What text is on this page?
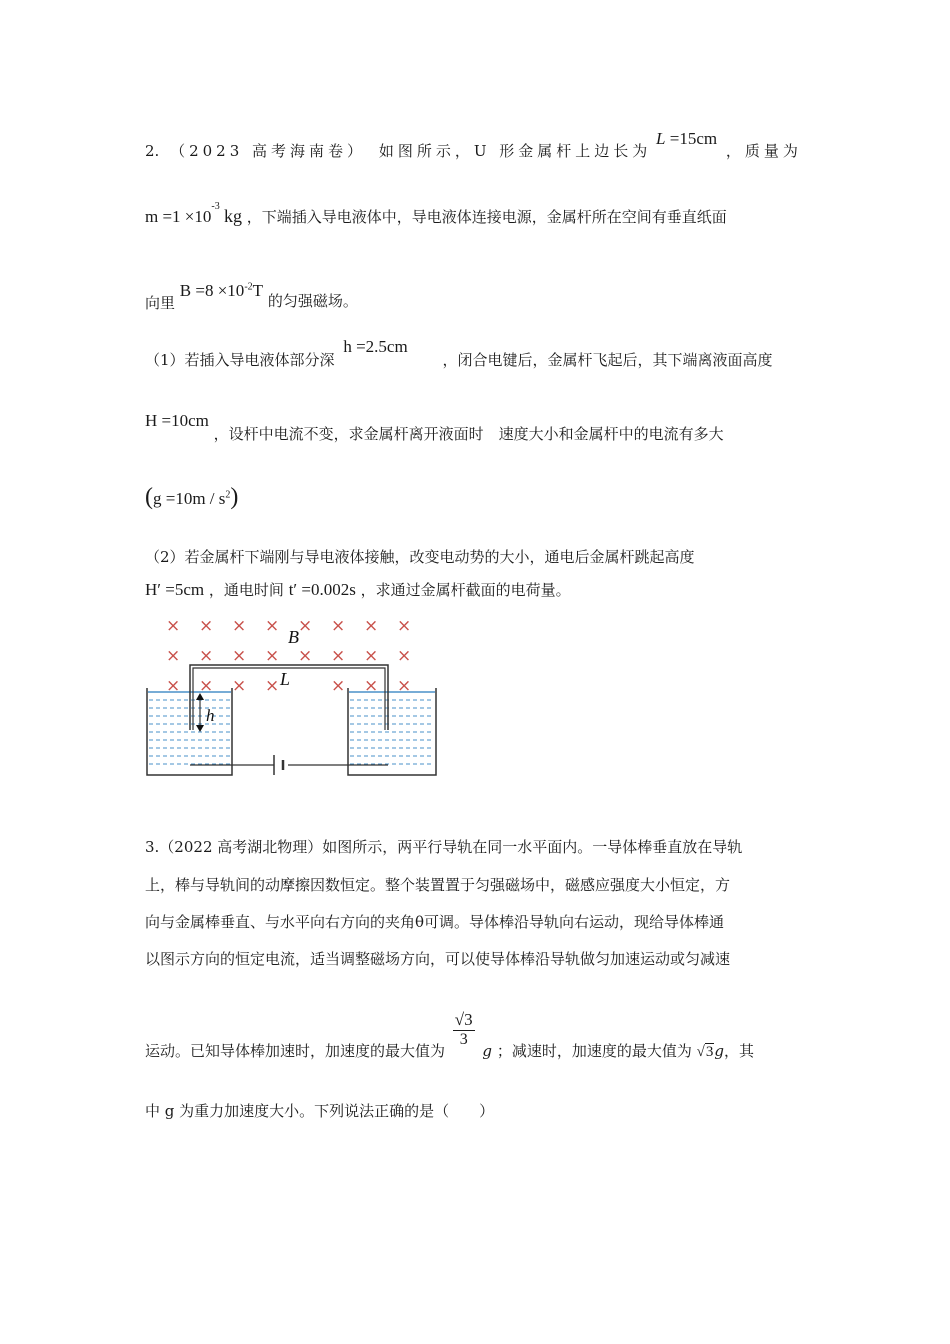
2. （2023 高考海南卷） 如图所示，U 形金属杆上边长为 L =15cm ，质量为
$m =1 \times 10^{-3}$ kg ，下端插入导电液体中，导电液体连接电源，金属杆所在空间有垂直纸面
向里 $B =8 \times 10^{-2}T$ 的匀强磁场。
（1）若插入导电液体部分深 h =2.5cm ，闭合电键后，金属杆飞起后，其下端离液面高度
H =10cm ，设杆中电流不变，求金属杆离开液面时　速度大小和金属杆中的电流有多大
$(g =10m / s^2)$
（2）若金属杆下端刚与导电液体接触，改变电动势的大小，通电后金属杆跳起高度
H′ =5cm ，通电时间 t′ =0.002s ，求通过金属杆截面的电荷量。
× × × × × × ×
× × × × × × × ×
× × × ×	× × ×
×
B
L
h
3.（2022 高考湖北物理）如图所示，两平行导轨在同一水平面内。一导体棒垂直放在导轨
上，棒与导轨间的动摩擦因数恒定。整个装置置于匀强磁场中，磁感应强度大小恒定，方
向与金属棒垂直、与水平向右方向的夹角θ可调。导体棒沿导轨向右运动，现给导体棒通
以图示方向的恒定电流，适当调整磁场方向，可以使导体棒沿导轨做匀加速运动或匀减速
运动。已知导体棒加速时，加速度的最大值为
$\frac{√3}{3}$
g ；减速时，加速度的最大值为 √3g，其
中 g 为重力加速度大小。下列说法正确的是（　　）
